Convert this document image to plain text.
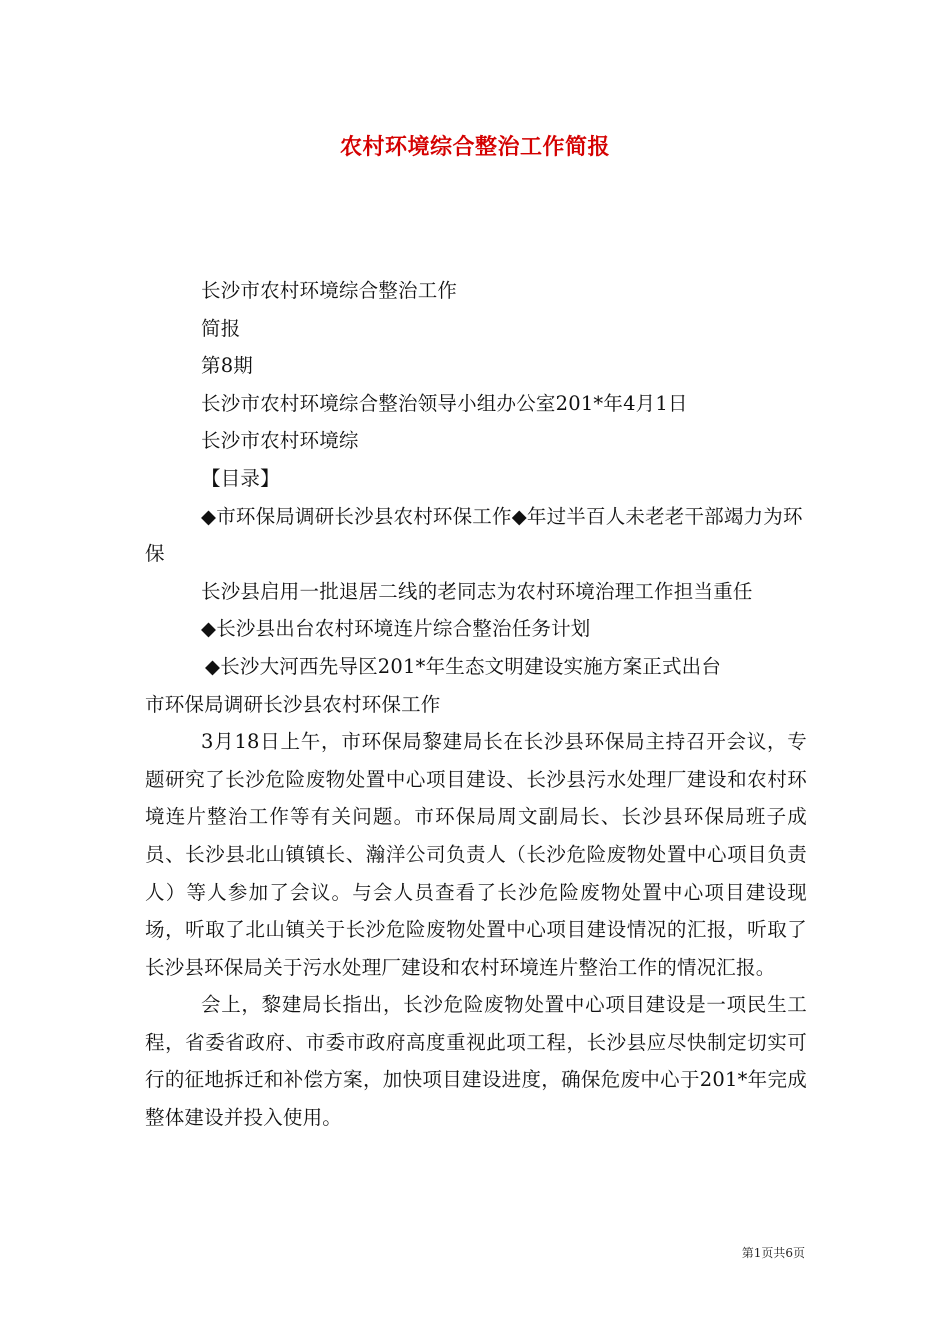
农村环境综合整治工作简报

长沙市农村环境综合整治工作

简报

第8期

长沙市农村环境综合整治领导小组办公室201*年4月1日

长沙市农村环境综

【目录】

◆市环保局调研长沙县农村环保工作◆年过半百人未老老干部竭力为环保

长沙县启用一批退居二线的老同志为农村环境治理工作担当重任

◆长沙县出台农村环境连片综合整治任务计划

◆长沙大河西先导区201*年生态文明建设实施方案正式出台

市环保局调研长沙县农村环保工作

3月18日上午，市环保局黎建局长在长沙县环保局主持召开会议，专题研究了长沙危险废物处置中心项目建设、长沙县污水处理厂建设和农村环境连片整治工作等有关问题。市环保局周文副局长、长沙县环保局班子成员、长沙县北山镇镇长、瀚洋公司负责人（长沙危险废物处置中心项目负责人）等人参加了会议。与会人员查看了长沙危险废物处置中心项目建设现场，听取了北山镇关于长沙危险废物处置中心项目建设情况的汇报，听取了长沙县环保局关于污水处理厂建设和农村环境连片整治工作的情况汇报。

会上，黎建局长指出，长沙危险废物处置中心项目建设是一项民生工程，省委省政府、市委市政府高度重视此项工程，长沙县应尽快制定切实可行的征地拆迁和补偿方案，加快项目建设进度，确保危废中心于201*年完成整体建设并投入使用。

第1页共6页
